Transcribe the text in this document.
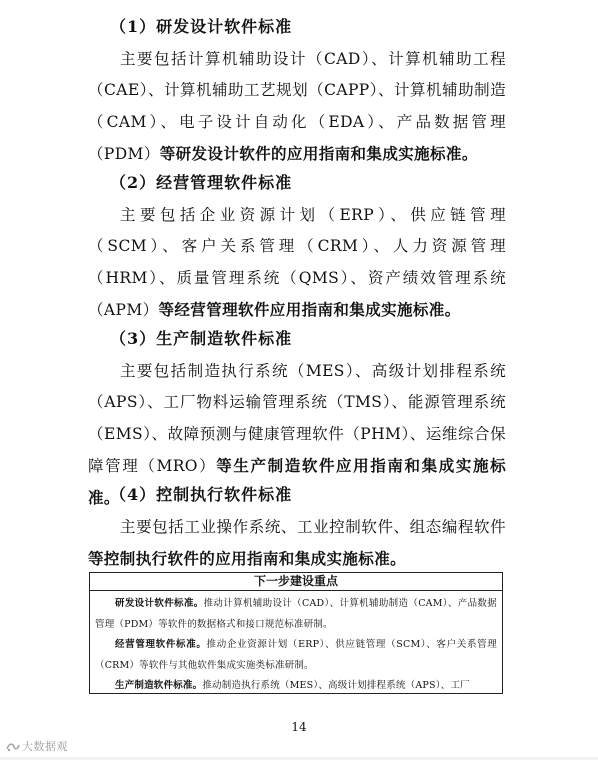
（1）研发设计软件标准
主要包括计算机辅助设计（CAD）、计算机辅助工程（CAE）、计算机辅助工艺规划（CAPP）、计算机辅助制造（CAM）、电子设计自动化（EDA）、产品数据管理（PDM）等研发设计软件的应用指南和集成实施标准。
（2）经营管理软件标准
主要包括企业资源计划（ERP）、供应链管理（SCM）、客户关系管理（CRM）、人力资源管理（HRM）、质量管理系统（QMS）、资产绩效管理系统（APM）等经营管理软件应用指南和集成实施标准。
（3）生产制造软件标准
主要包括制造执行系统（MES）、高级计划排程系统（APS）、工厂物料运输管理系统（TMS）、能源管理系统（EMS）、故障预测与健康管理软件（PHM）、运维综合保障管理（MRO）等生产制造软件应用指南和集成实施标准。
（4）控制执行软件标准
主要包括工业操作系统、工业控制软件、组态编程软件等控制执行软件的应用指南和集成实施标准。
下一步建设重点

研发设计软件标准。推动计算机辅助设计（CAD）、计算机辅助制造（CAM）、产品数据管理（PDM）等软件的数据格式和接口规范标准研制。

经营管理软件标准。推动企业资源计划（ERP）、供应链管理（SCM）、客户关系管理（CRM）等软件与其他软件集成实施类标准研制。

生产制造软件标准。推动制造执行系统（MES）、高级计划排程系统（APS）、工厂

14
大数据观
